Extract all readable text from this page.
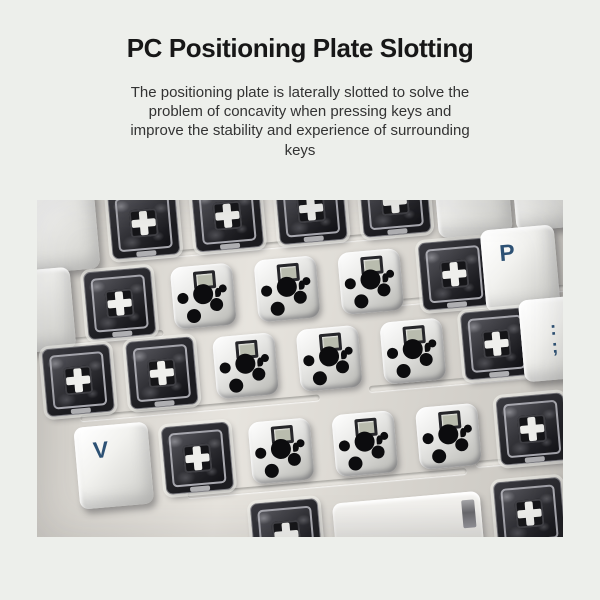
PC Positioning Plate Slotting

The positioning plate is laterally slotted to solve the
problem of concavity when pressing keys and
improve the stability and experience of surrounding
keys

P
:
;
V
